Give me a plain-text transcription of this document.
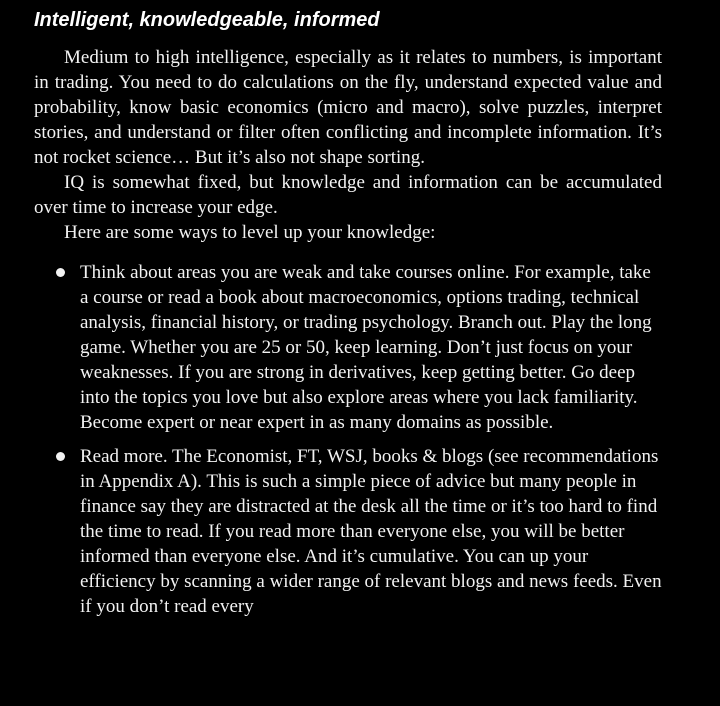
Intelligent, knowledgeable, informed

Medium to high intelligence, especially as it relates to numbers, is important in trading. You need to do calculations on the fly, understand expected value and probability, know basic economics (micro and macro), solve puzzles, interpret stories, and understand or filter often conflicting and incomplete information. It’s not rocket science… But it’s also not shape sorting.

IQ is somewhat fixed, but knowledge and information can be accumulated over time to increase your edge.

Here are some ways to level up your knowledge:

Think about areas you are weak and take courses online. For example, take a course or read a book about macroeconomics, options trading, technical analysis, financial history, or trading psychology. Branch out. Play the long game. Whether you are 25 or 50, keep learning. Don’t just focus on your weaknesses. If you are strong in derivatives, keep getting better. Go deep into the topics you love but also explore areas where you lack familiarity. Become expert or near expert in as many domains as possible.
Read more. The Economist, FT, WSJ, books & blogs (see recommendations in Appendix A). This is such a simple piece of advice but many people in finance say they are distracted at the desk all the time or it’s too hard to find the time to read. If you read more than everyone else, you will be better informed than everyone else. And it’s cumulative. You can up your efficiency by scanning a wider range of relevant blogs and news feeds. Even if you don’t read every
